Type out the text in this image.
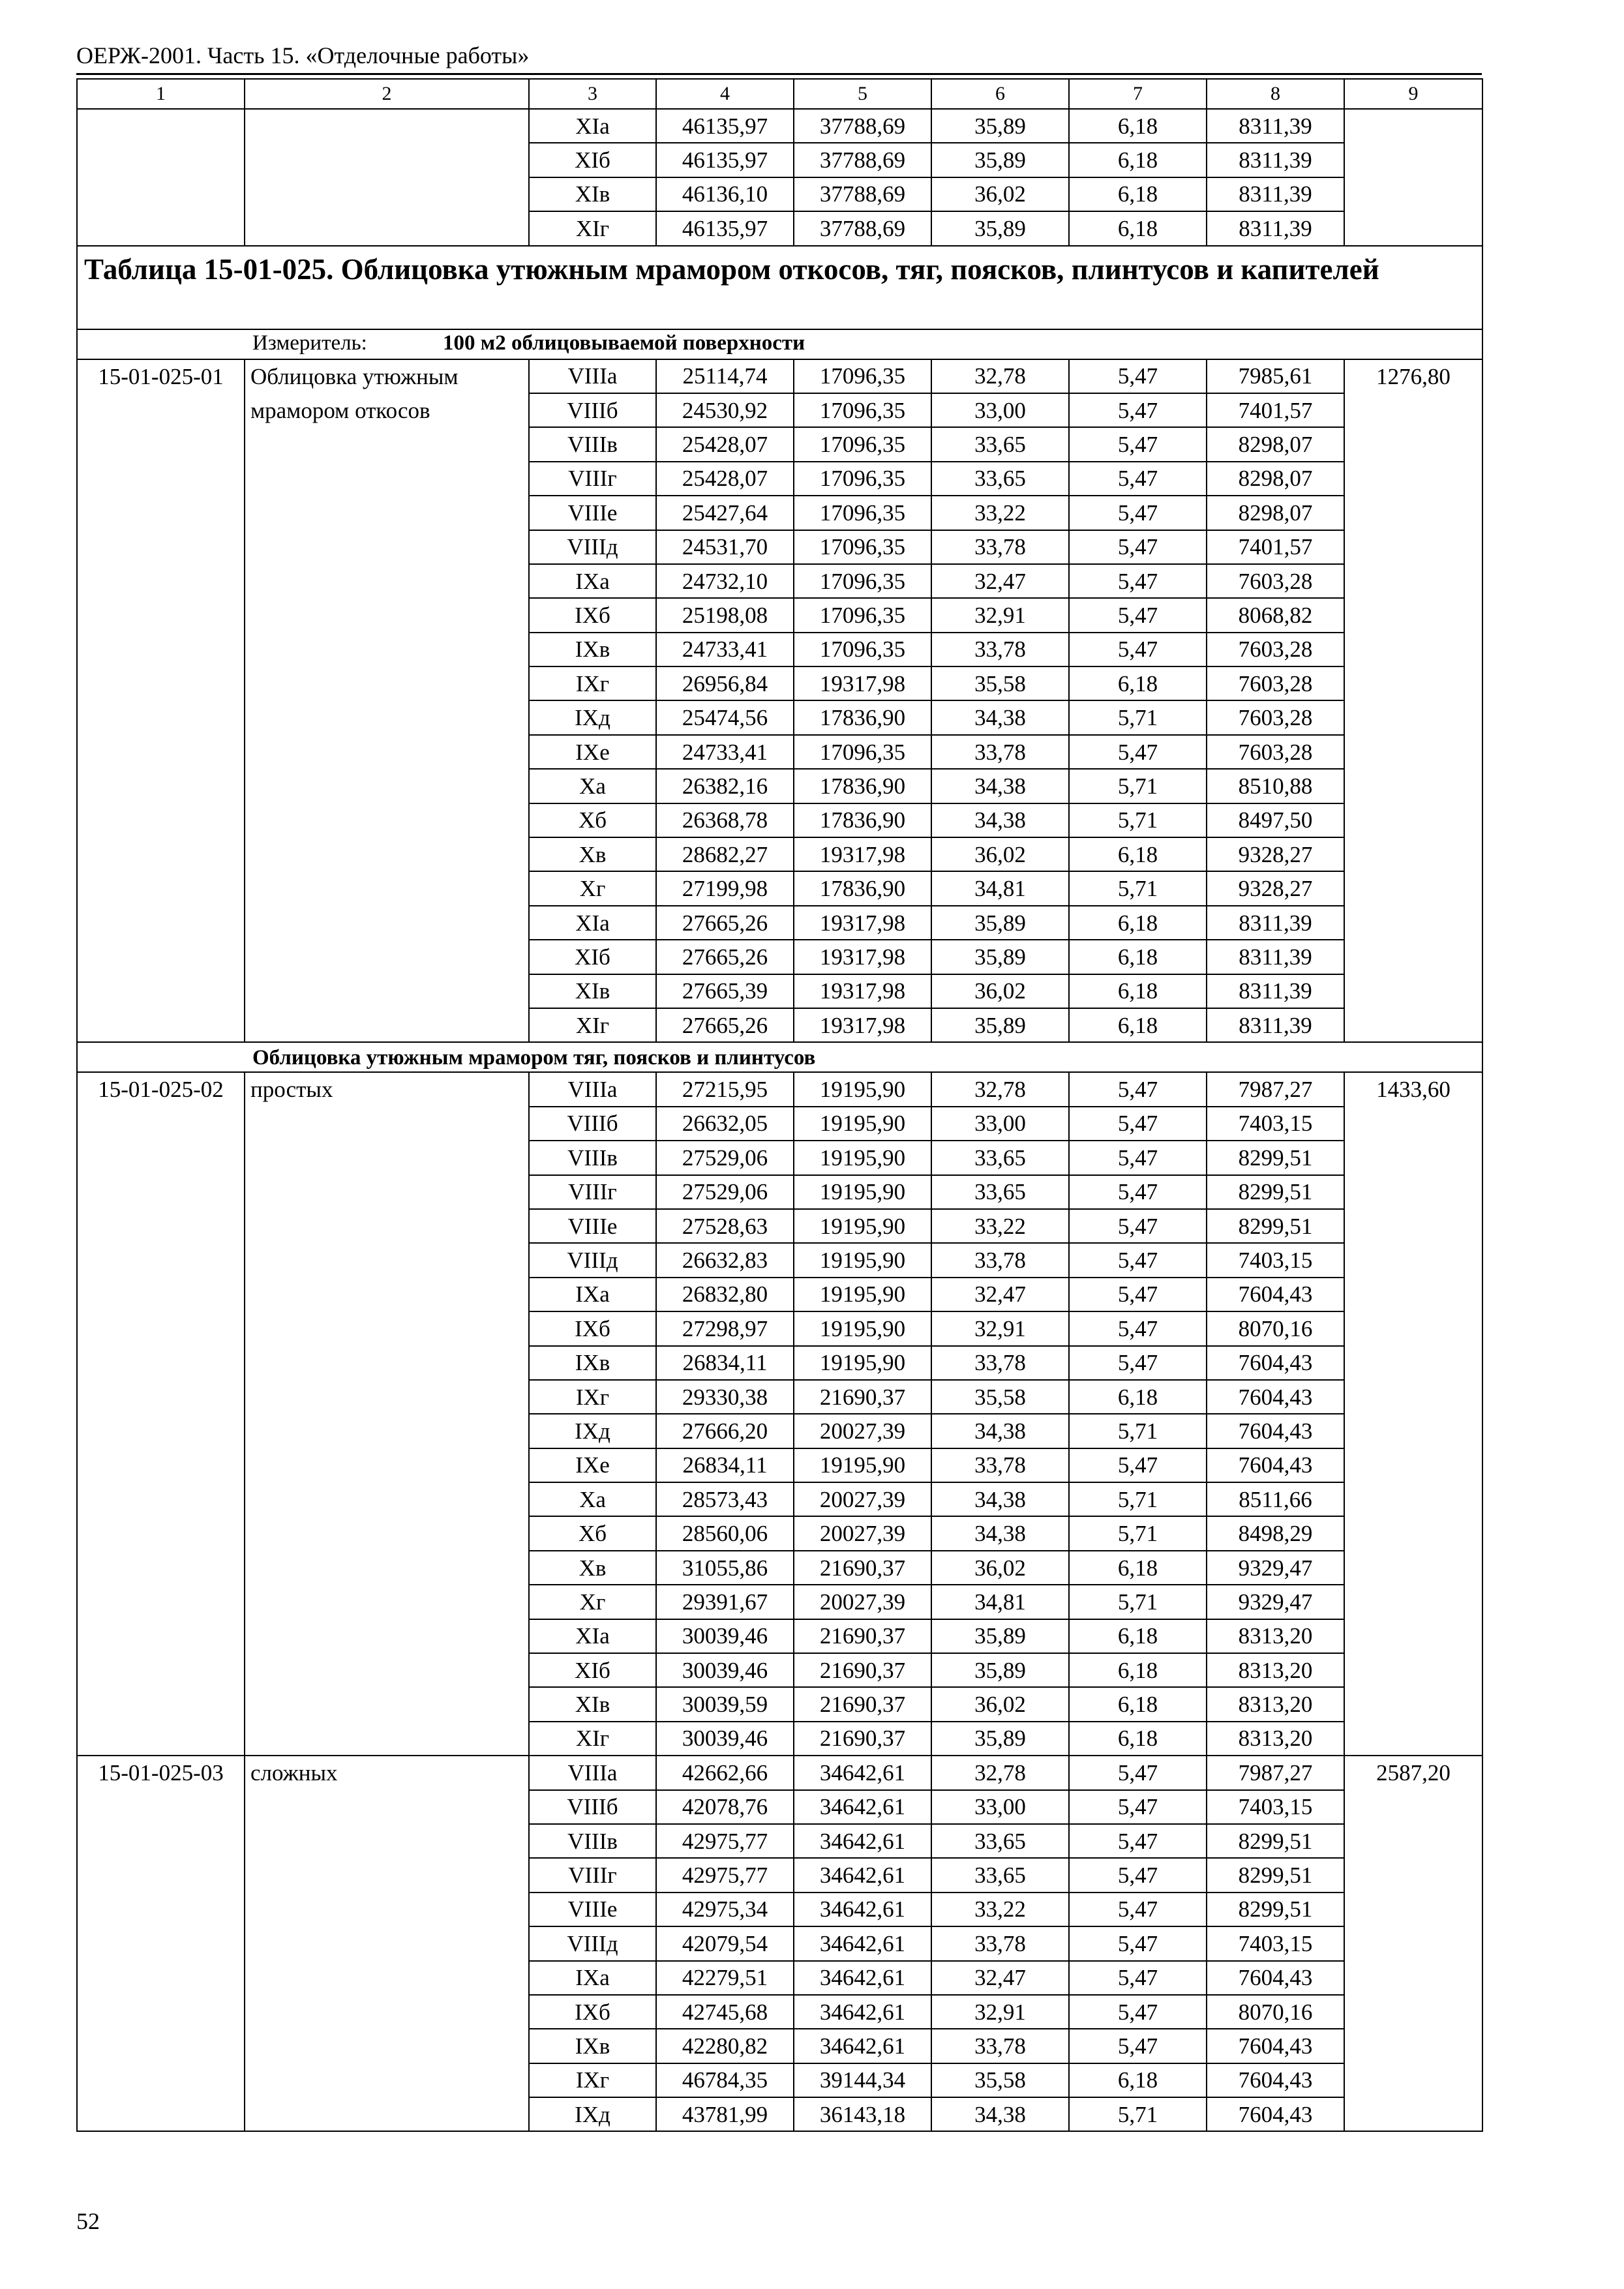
ОЕРЖ-2001. Часть 15. «Отделочные работы»
1	2	3	4	5	6	7	8	9
		XIa	46135,97	37788,69	35,89	6,18	8311,39	
		XIб	46135,97	37788,69	35,89	6,18	8311,39	
		XIв	46136,10	37788,69	36,02	6,18	8311,39	
		XIг	46135,97	37788,69	35,89	6,18	8311,39	
Таблица 15-01-025. Облицовка утюжным мрамором откосов, тяг, поясков, плинтусов и капителей								

Измеритель: 100 м2 облицовываемой поверхности								

15-01-025-01	Облицовка утюжным мрамором откосов	VIIIa	25114,74	17096,35	32,78	5,47	7985,61	1276,80
		VIIIб	24530,92	17096,35	33,00	5,47	7401,57	
		VIIIв	25428,07	17096,35	33,65	5,47	8298,07	
		VIIIг	25428,07	17096,35	33,65	5,47	8298,07	
		VIIIе	25427,64	17096,35	33,22	5,47	8298,07	
		VIIIд	24531,70	17096,35	33,78	5,47	7401,57	
		IXa	24732,10	17096,35	32,47	5,47	7603,28	
		IXб	25198,08	17096,35	32,91	5,47	8068,82	
		IXв	24733,41	17096,35	33,78	5,47	7603,28	
		IXг	26956,84	19317,98	35,58	6,18	7603,28	
		IXд	25474,56	17836,90	34,38	5,71	7603,28	
		IXе	24733,41	17096,35	33,78	5,47	7603,28	
		Xa	26382,16	17836,90	34,38	5,71	8510,88	
		Xб	26368,78	17836,90	34,38	5,71	8497,50	
		Xв	28682,27	19317,98	36,02	6,18	9328,27	
		Xг	27199,98	17836,90	34,81	5,71	9328,27	
		XIa	27665,26	19317,98	35,89	6,18	8311,39	
		XIб	27665,26	19317,98	35,89	6,18	8311,39	
		XIв	27665,39	19317,98	36,02	6,18	8311,39	
		XIг	27665,26	19317,98	35,89	6,18	8311,39	
Облицовка утюжным мрамором тяг, поясков и плинтусов								
15-01-025-02	простых	VIIIa	27215,95	19195,90	32,78	5,47	7987,27	1433,60
		VIIIб	26632,05	19195,90	33,00	5,47	7403,15	
		VIIIв	27529,06	19195,90	33,65	5,47	8299,51	
		VIIIг	27529,06	19195,90	33,65	5,47	8299,51	
		VIIIе	27528,63	19195,90	33,22	5,47	8299,51	
		VIIIд	26632,83	19195,90	33,78	5,47	7403,15	
		IXa	26832,80	19195,90	32,47	5,47	7604,43	
		IXб	27298,97	19195,90	32,91	5,47	8070,16	
		IXв	26834,11	19195,90	33,78	5,47	7604,43	
		IXг	29330,38	21690,37	35,58	6,18	7604,43	
		IXд	27666,20	20027,39	34,38	5,71	7604,43	
		IXе	26834,11	19195,90	33,78	5,47	7604,43	
		Xa	28573,43	20027,39	34,38	5,71	8511,66	
		Xб	28560,06	20027,39	34,38	5,71	8498,29	
		Xв	31055,86	21690,37	36,02	6,18	9329,47	
		Xг	29391,67	20027,39	34,81	5,71	9329,47	
		XIa	30039,46	21690,37	35,89	6,18	8313,20	
		XIб	30039,46	21690,37	35,89	6,18	8313,20	
		XIв	30039,59	21690,37	36,02	6,18	8313,20	
		XIг	30039,46	21690,37	35,89	6,18	8313,20	
15-01-025-03	сложных	VIIIa	42662,66	34642,61	32,78	5,47	7987,27	2587,20
		VIIIб	42078,76	34642,61	33,00	5,47	7403,15	
		VIIIв	42975,77	34642,61	33,65	5,47	8299,51	
		VIIIг	42975,77	34642,61	33,65	5,47	8299,51	
		VIIIе	42975,34	34642,61	33,22	5,47	8299,51	
		VIIIд	42079,54	34642,61	33,78	5,47	7403,15	
		IXa	42279,51	34642,61	32,47	5,47	7604,43	
		IXб	42745,68	34642,61	32,91	5,47	8070,16	
		IXв	42280,82	34642,61	33,78	5,47	7604,43	
		IXг	46784,35	39144,34	35,58	6,18	7604,43	
		IXд	43781,99	36143,18	34,38	5,71	7604,43	
52
